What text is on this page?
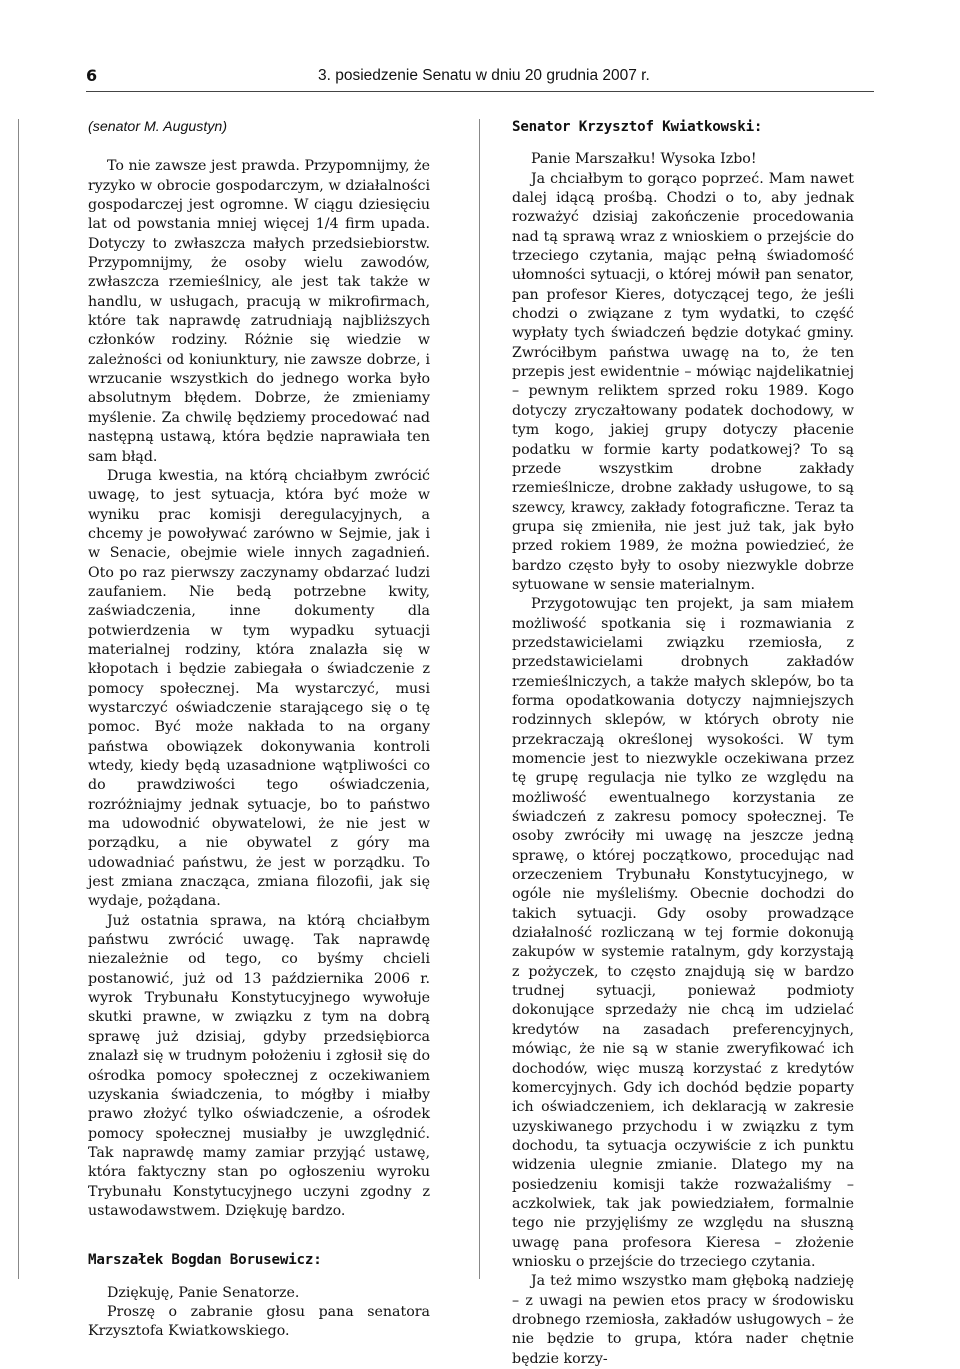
6	3. posiedzenie Senatu w dniu 20 grudnia 2007 r.

(senator M. Augustyn)

To nie zawsze jest prawda. Przypomnijmy, że ryzyko w obrocie gospodarczym, w działalności gospodarczej jest ogromne. W ciągu dziesięciu lat od powstania mniej więcej 1/4 firm upada. Dotyczy to zwłaszcza małych przedsiebiorstw. Przypomnijmy, że osoby wielu zawodów, zwłaszcza rzemieślnicy, ale jest tak także w handlu, w usługach, pracują w mikrofirmach, które tak naprawdę zatrudniają najbliższych członków rodziny. Różnie się wiedzie w zależności od koniunktury, nie zawsze dobrze, i wrzucanie wszystkich do jednego worka było absolutnym błędem. Dobrze, że zmieniamy myślenie. Za chwilę będziemy procedować nad następną ustawą, która będzie naprawiała ten sam błąd.

Druga kwestia, na którą chciałbym zwrócić uwagę, to jest sytuacja, która być może w wyniku prac komisji deregulacyjnych, a chcemy je powoływać zarówno w Sejmie, jak i w Senacie, obejmie wiele innych zagadnień. Oto po raz pierwszy zaczynamy obdarzać ludzi zaufaniem. Nie bedą potrzebne kwity, zaświadczenia, inne dokumenty dla potwierdzenia w tym wypadku sytuacji materialnej rodziny, która znalazła się w kłopotach i będzie zabiegała o świadczenie z pomocy społecznej. Ma wystarczyć, musi wystarczyć oświadczenie starającego się o tę pomoc. Być może nakłada to na organy państwa obowiązek dokonywania kontroli wtedy, kiedy będą uzasadnione wątpliwości co do prawdziwości tego oświadczenia, rozróżniajmy jednak sytuacje, bo to państwo ma udowodnić obywatelowi, że nie jest w porządku, a nie obywatel z góry ma udowadniać państwu, że jest w porządku. To jest zmiana znacząca, zmiana filozofii, jak się wydaje, pożądana.

Już ostatnia sprawa, na którą chciałbym państwu zwrócić uwagę. Tak naprawdę niezależnie od tego, co byśmy chcieli postanowić, już od 13 października 2006 r. wyrok Trybunału Konstytucyjnego wywołuje skutki prawne, w związku z tym na dobrą sprawę już dzisiaj, gdyby przedsiębiorca znalazł się w trudnym położeniu i zgłosił się do ośrodka pomocy społecznej z oczekiwaniem uzyskania świadczenia, to mógłby i miałby prawo złożyć tylko oświadczenie, a ośrodek pomocy społecznej musiałby je uwzględnić. Tak naprawdę mamy zamiar przyjąć ustawę, która faktyczny stan po ogłoszeniu wyroku Trybunału Konstytucyjnego uczyni zgodny z ustawodawstwem. Dziękuję bardzo.

Marszałek Bogdan Borusewicz:

Dziękuję, Panie Senatorze.

Proszę o zabranie głosu pana senatora Krzysztofa Kwiatkowskiego.

Senator Krzysztof Kwiatkowski:

Panie Marszałku! Wysoka Izbo!

Ja chciałbym to gorąco poprzeć. Mam nawet dalej idącą prośbą. Chodzi o to, aby jednak rozważyć dzisiaj zakończenie procedowania nad tą sprawą wraz z wnioskiem o przejście do trzeciego czytania, mając pełną świadomość ułomności sytuacji, o której mówił pan senator, pan profesor Kieres, dotyczącej tego, że jeśli chodzi o związane z tym wydatki, to część wypłaty tych świadczeń będzie dotykać gminy. Zwróciłbym państwa uwagę na to, że ten przepis jest ewidentnie – mówiąc najdelikatniej – pewnym reliktem sprzed roku 1989. Kogo dotyczy zryczałtowany podatek dochodowy, w tym kogo, jakiej grupy dotyczy płacenie podatku w formie karty podatkowej? To są przede wszystkim drobne zakłady rzemieślnicze, drobne zakłady usługowe, to są szewcy, krawcy, zakłady fotograficzne. Teraz ta grupa się zmieniła, nie jest już tak, jak było przed rokiem 1989, że można powiedzieć, że bardzo często były to osoby niezwykle dobrze sytuowane w sensie materialnym.

Przygotowując ten projekt, ja sam miałem możliwość spotkania się i rozmawiania z przedstawicielami związku rzemiosła, z przedstawicielami drobnych zakładów rzemieślniczych, a także małych sklepów, bo ta forma opodatkowania dotyczy najmniejszych rodzinnych sklepów, w których obroty nie przekraczają określonej wysokości. W tym momencie jest to niezwykle oczekiwana przez tę grupę regulacja nie tylko ze względu na możliwość ewentualnego korzystania ze świadczeń z zakresu pomocy społecznej. Te osoby zwróciły mi uwagę na jeszcze jedną sprawę, o której początkowo, procedując nad orzeczeniem Trybunału Konstytucyjnego, w ogóle nie myśleliśmy. Obecnie dochodzi do takich sytuacji. Gdy osoby prowadzące działalność rozliczaną w tej formie dokonują zakupów w systemie ratalnym, gdy korzystają z pożyczek, to często znajdują się w bardzo trudnej sytuacji, ponieważ podmioty dokonujące sprzedaży nie chcą im udzielać kredytów na zasadach preferencyjnych, mówiąc, że nie są w stanie zweryfikować ich dochodów, więc muszą korzystać z kredytów komercyjnych. Gdy ich dochód będzie poparty ich oświadczeniem, ich deklaracją w zakresie uzyskiwanego przychodu i w związku z tym dochodu, ta sytuacja oczywiście z ich punktu widzenia ulegnie zmianie. Dlatego my na posiedzeniu komisji także rozważaliśmy – aczkolwiek, tak jak powiedziałem, formalnie tego nie przyjęliśmy ze względu na słuszną uwagę pana profesora Kieresa – złożenie wniosku o przejście do trzeciego czytania.

Ja też mimo wszystko mam głęboką nadzieję – z uwagi na pewien etos pracy w środowisku drobnego rzemiosła, zakładów usługowych – że nie będzie to grupa, która nader chętnie będzie korzy-
